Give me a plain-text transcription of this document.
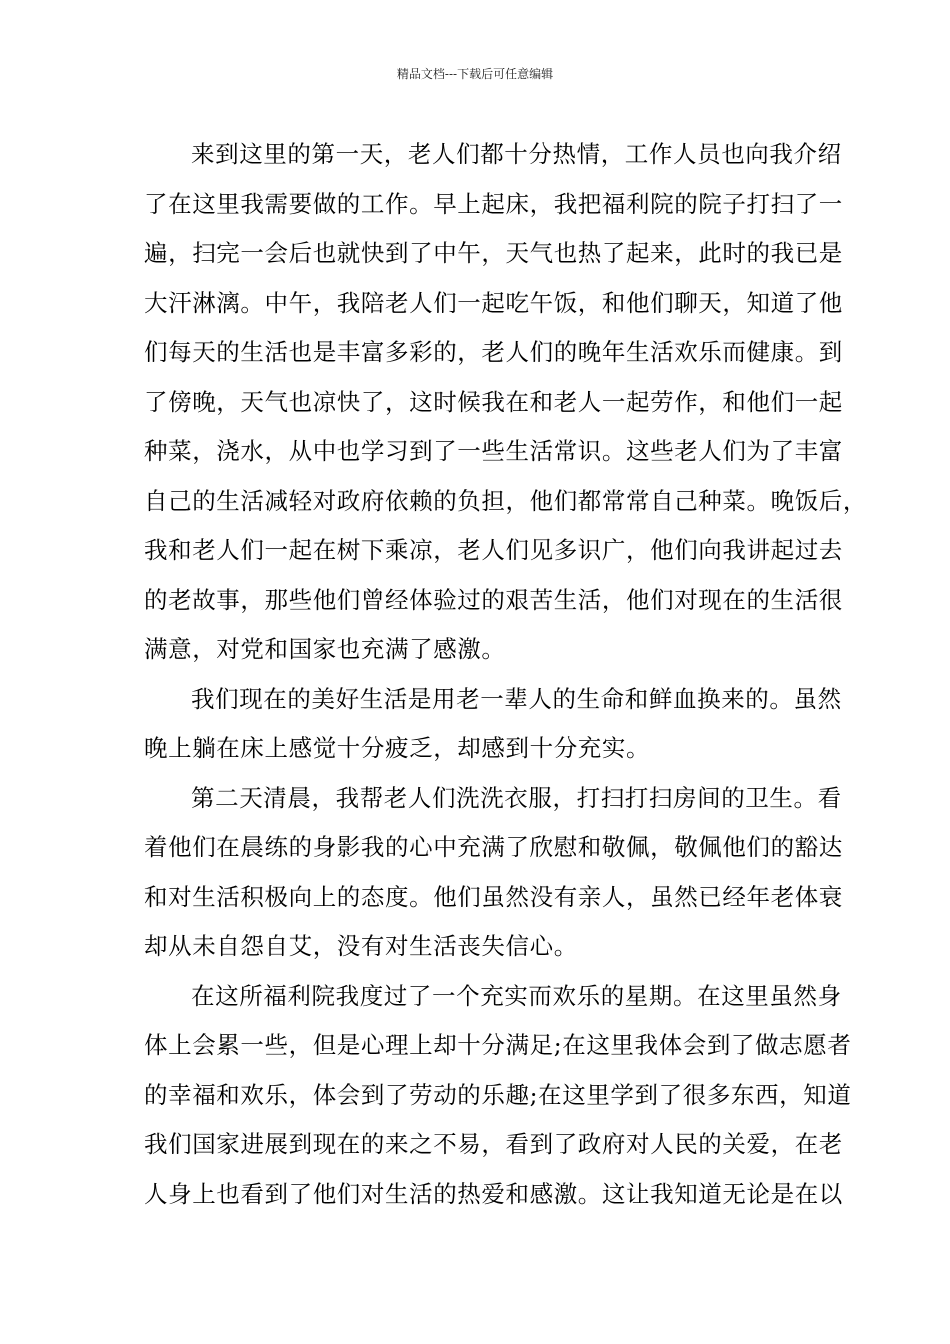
精品文档---下载后可任意编辑
来到这里的第一天，老人们都十分热情，工作人员也向我介绍
了在这里我需要做的工作。早上起床，我把福利院的院子打扫了一
遍，扫完一会后也就快到了中午，天气也热了起来，此时的我已是
大汗淋漓。中午，我陪老人们一起吃午饭，和他们聊天，知道了他
们每天的生活也是丰富多彩的，老人们的晚年生活欢乐而健康。到
了傍晚，天气也凉快了，这时候我在和老人一起劳作，和他们一起
种菜，浇水，从中也学习到了一些生活常识。这些老人们为了丰富
自己的生活减轻对政府依赖的负担，他们都常常自己种菜。晚饭后，
我和老人们一起在树下乘凉，老人们见多识广，他们向我讲起过去
的老故事，那些他们曾经体验过的艰苦生活，他们对现在的生活很
满意，对党和国家也充满了感激。
我们现在的美好生活是用老一辈人的生命和鲜血换来的。虽然
晚上躺在床上感觉十分疲乏，却感到十分充实。
第二天清晨，我帮老人们洗洗衣服，打扫打扫房间的卫生。看
着他们在晨练的身影我的心中充满了欣慰和敬佩，敬佩他们的豁达
和对生活积极向上的态度。他们虽然没有亲人，虽然已经年老体衰
却从未自怨自艾，没有对生活丧失信心。
在这所福利院我度过了一个充实而欢乐的星期。在这里虽然身
体上会累一些，但是心理上却十分满足;在这里我体会到了做志愿者
的幸福和欢乐，体会到了劳动的乐趣;在这里学到了很多东西，知道
我们国家进展到现在的来之不易，看到了政府对人民的关爱，在老
人身上也看到了他们对生活的热爱和感激。这让我知道无论是在以
